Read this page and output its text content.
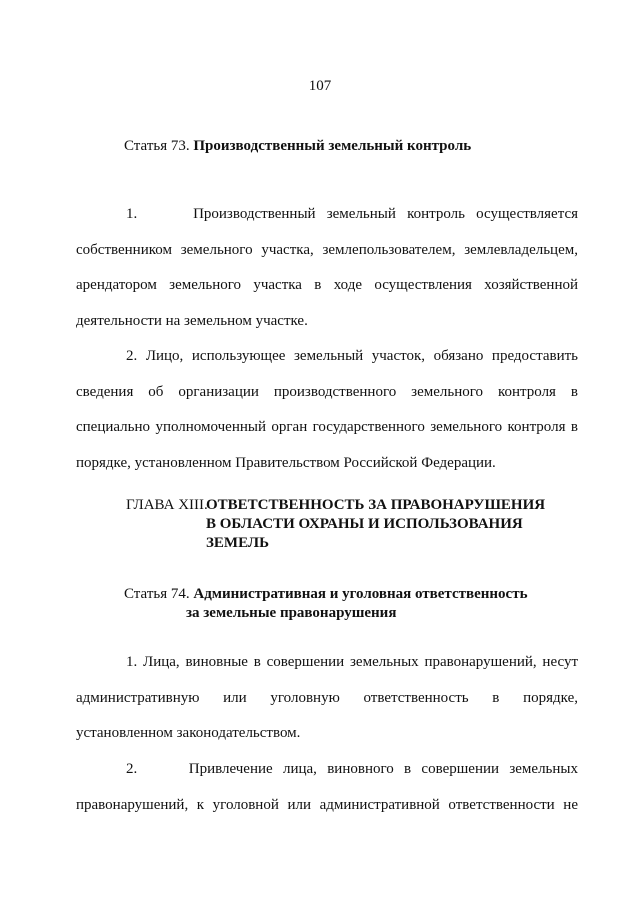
107
Статья 73. Производственный земельный контроль
1.	Производственный земельный контроль осуществляется собственником земельного участка, землепользователем, землевладельцем, арендатором земельного участка в ходе осуществления хозяйственной деятельности на земельном участке.
2. Лицо, использующее земельный участок, обязано предоставить сведения об организации производственного земельного контроля в специально уполномоченный орган государственного земельного контроля в порядке, установленном Правительством Российской Федерации.
ГЛАВА XIII.ОТВЕТСТВЕННОСТЬ ЗА ПРАВОНАРУШЕНИЯ
В ОБЛАСТИ ОХРАНЫ И ИСПОЛЬЗОВАНИЯ
ЗЕМЕЛЬ
Статья 74. Административная и уголовная ответственность
за земельные правонарушения
1. Лица, виновные в совершении земельных правонарушений, несут административную или уголовную ответственность в порядке, установленном законодательством.
2.	Привлечение лица, виновного в совершении земельных правонарушений, к уголовной или административной ответственности не
